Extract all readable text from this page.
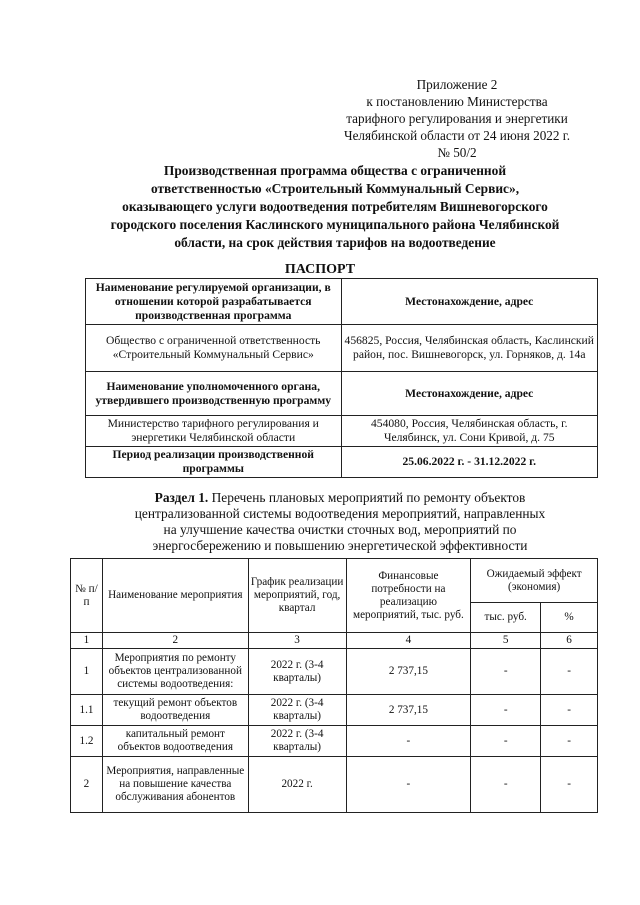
Приложение 2
к постановлению Министерства
тарифного регулирования и энергетики
Челябинской области от 24 июня 2022 г.
№ 50/2
Производственная программа общества с ограниченной
ответственностью «Строительный Коммунальный Сервис»,
оказывающего услуги водоотведения потребителям Вишневогорского
городского поселения Каслинского муниципального района Челябинской
области, на срок действия тарифов на водоотведение
ПАСПОРТ
Наименование регулируемой организации, в отношении которой разрабатывается производственная программа	Местонахождение, адрес
Общество с ограниченной ответственность «Строительный Коммунальный Сервис»	456825, Россия, Челябинская область, Каслинский район, пос. Вишневогорск, ул. Горняков, д. 14а
Наименование уполномоченного органа, утвердившего производственную программу	Местонахождение, адрес
Министерство тарифного регулирования и энергетики Челябинской области	454080, Россия, Челябинская область, г. Челябинск, ул. Сони Кривой, д. 75
Период реализации производственной программы	25.06.2022 г. - 31.12.2022 г.
Раздел 1. Перечень плановых мероприятий по ремонту объектов
централизованной системы водоотведения мероприятий, направленных
на улучшение качества очистки сточных вод, мероприятий по
энергосбережению и повышению энергетической эффективности
№ п/п	Наименование мероприятия	График реализации мероприятий, год, квартал	Финансовые потребности на реализацию мероприятий, тыс. руб.	Ожидаемый эффект (экономия)	
				тыс. руб.	%
1	2	3	4	5	6
1	Мероприятия по ремонту объектов централизованной системы водоотведения:	2022 г. (3-4 кварталы)	2 737,15	-	-
1.1	текущий ремонт объектов водоотведения	2022 г. (3-4 кварталы)	2 737,15	-	-
1.2	капитальный ремонт объектов водоотведения	2022 г. (3-4 кварталы)	-	-	-
2	Мероприятия, направленные на повышение качества обслуживания абонентов	2022 г.	-	-	-
